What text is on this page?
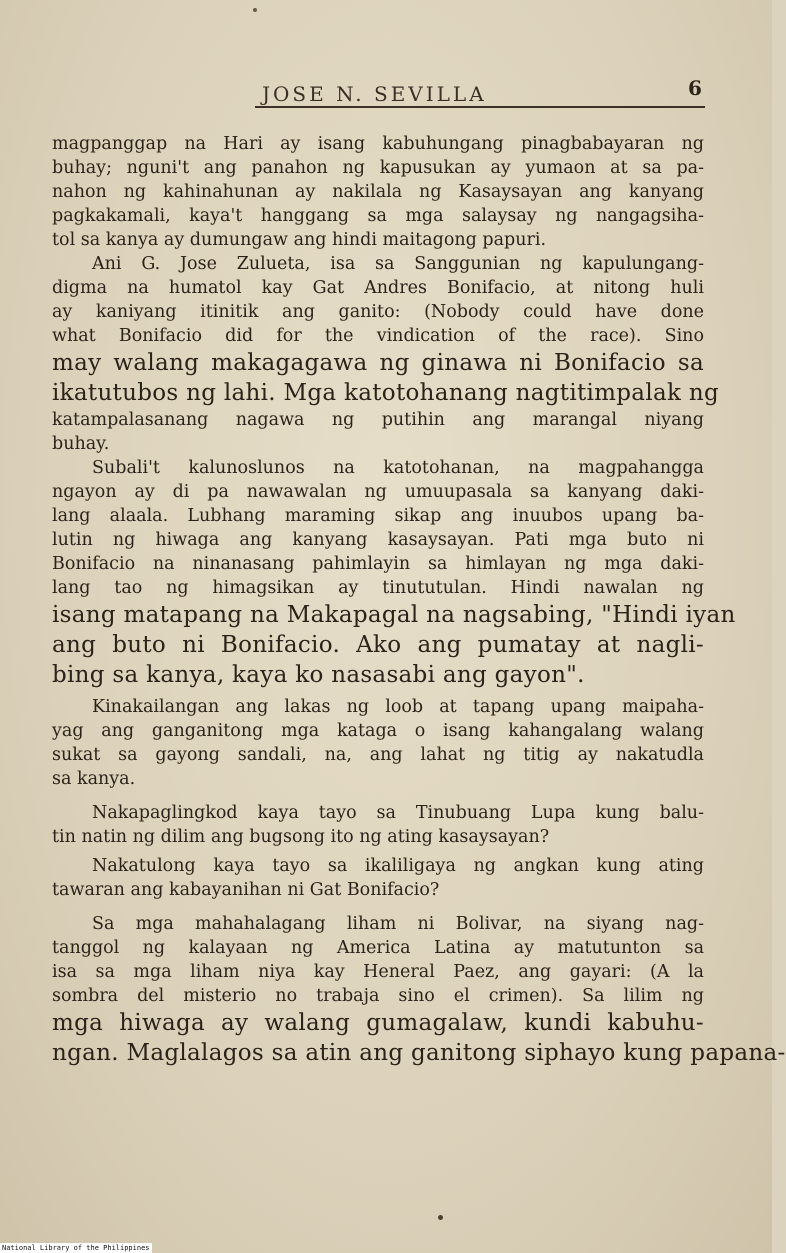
JOSE N. SEVILLA	6
magpanggap na Hari ay isang kabuhungang pinagbabayaran ng
buhay; nguni't ang panahon ng kapusukan ay yumaon at sa pa-
nahon ng kahinahunan ay nakilala ng Kasaysayan ang kanyang
pagkakamali, kaya't hanggang sa mga salaysay ng nangagsiha-
tol sa kanya ay dumungaw ang hindi maitagong papuri.
Ani G. Jose Zulueta, isa sa Sanggunian ng kapulungang-
digma na humatol kay Gat Andres Bonifacio, at nitong huli
ay kaniyang itinitik ang ganito: (Nobody could have done
what Bonifacio did for the vindication of the race). Sino
may walang makagagawa ng ginawa ni Bonifacio sa
ikatutubos ng lahi. Mga katotohanang nagtitimpalak ng
katampalasanang nagawa ng putihin ang marangal niyang
buhay.
Subali't kalunoslunos na katotohanan, na magpahangga
ngayon ay di pa nawawalan ng umuupasala sa kanyang daki-
lang alaala. Lubhang maraming sikap ang inuubos upang ba-
lutin ng hiwaga ang kanyang kasaysayan. Pati mga buto ni
Bonifacio na ninanasang pahimlayin sa himlayan ng mga daki-
lang tao ng himagsikan ay tinututulan. Hindi nawalan ng
isang matapang na Makapagal na nagsabing, "Hindi iyan
ang buto ni Bonifacio. Ako ang pumatay at nagli-
bing sa kanya, kaya ko nasasabi ang gayon".
Kinakailangan ang lakas ng loob at tapang upang maipaha-
yag ang ganganitong mga kataga o isang kahangalang walang
sukat sa gayong sandali, na, ang lahat ng titig ay nakatudla
sa kanya.
Nakapaglingkod kaya tayo sa Tinubuang Lupa kung balu-
tin natin ng dilim ang bugsong ito ng ating kasaysayan?
Nakatulong kaya tayo sa ikaliligaya ng angkan kung ating
tawaran ang kabayanihan ni Gat Bonifacio?
Sa mga mahahalagang liham ni Bolivar, na siyang nag-
tanggol ng kalayaan ng America Latina ay matutunton sa
isa sa mga liham niya kay Heneral Paez, ang gayari: (A la
sombra del misterio no trabaja sino el crimen). Sa lilim ng
mga hiwaga ay walang gumagalaw, kundi kabuhu-
ngan. Maglalagos sa atin ang ganitong siphayo kung papana-
National Library of the Philippines
